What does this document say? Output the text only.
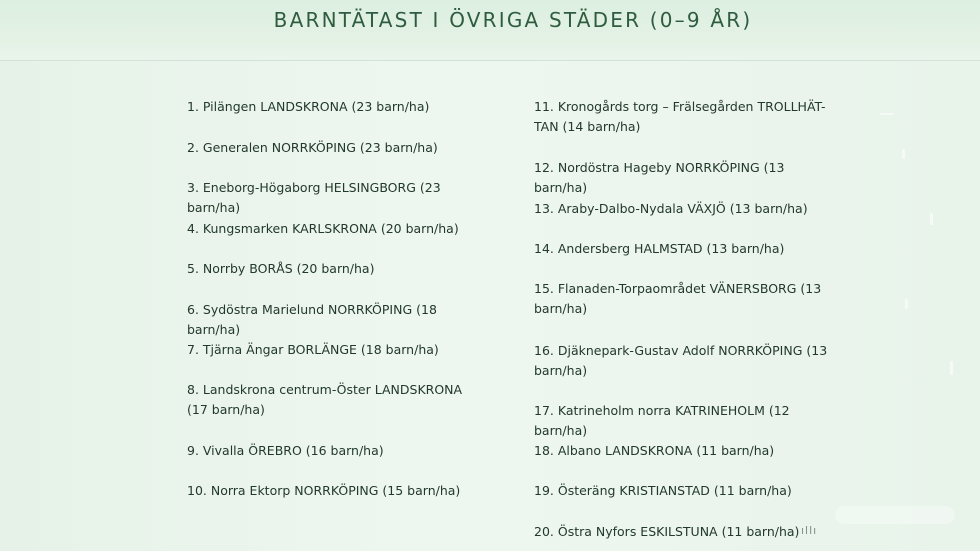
BARNTÄTAST I ÖVRIGA STÄDER (0–9 ÅR)
1. Pilängen LANDSKRONA (23 barn/ha)
2. Generalen NORRKÖPING (23 barn/ha)
3. Eneborg-Högaborg HELSINGBORG (23 barn/ha)
4. Kungsmarken KARLSKRONA (20 barn/ha)
5. Norrby BORÅS (20 barn/ha)
6. Sydöstra Marielund NORRKÖPING (18 barn/ha)
7. Tjärna Ängar BORLÄNGE (18 barn/ha)
8. Landskrona centrum-Öster LANDSKRONA (17 barn/ha)
9. Vivalla ÖREBRO (16 barn/ha)
10. Norra Ektorp NORRKÖPING (15 barn/ha)
11. Kronogårds torg – Frälsegården TROLLHÄT-TAN (14 barn/ha)
12. Nordöstra Hageby NORRKÖPING (13 barn/ha)
13. Araby-Dalbo-Nydala VÄXJÖ (13 barn/ha)
14. Andersberg HALMSTAD (13 barn/ha)
15. Flanaden-Torpaområdet VÄNERSBORG (13 barn/ha)
16. Djäknepark-Gustav Adolf NORRKÖPING (13 barn/ha)
17. Katrineholm norra KATRINEHOLM (12 barn/ha)
18. Albano LANDSKRONA (11 barn/ha)
19. Österäng KRISTIANSTAD (11 barn/ha)
20. Östra Nyfors ESKILSTUNA (11 barn/ha) ıllı
